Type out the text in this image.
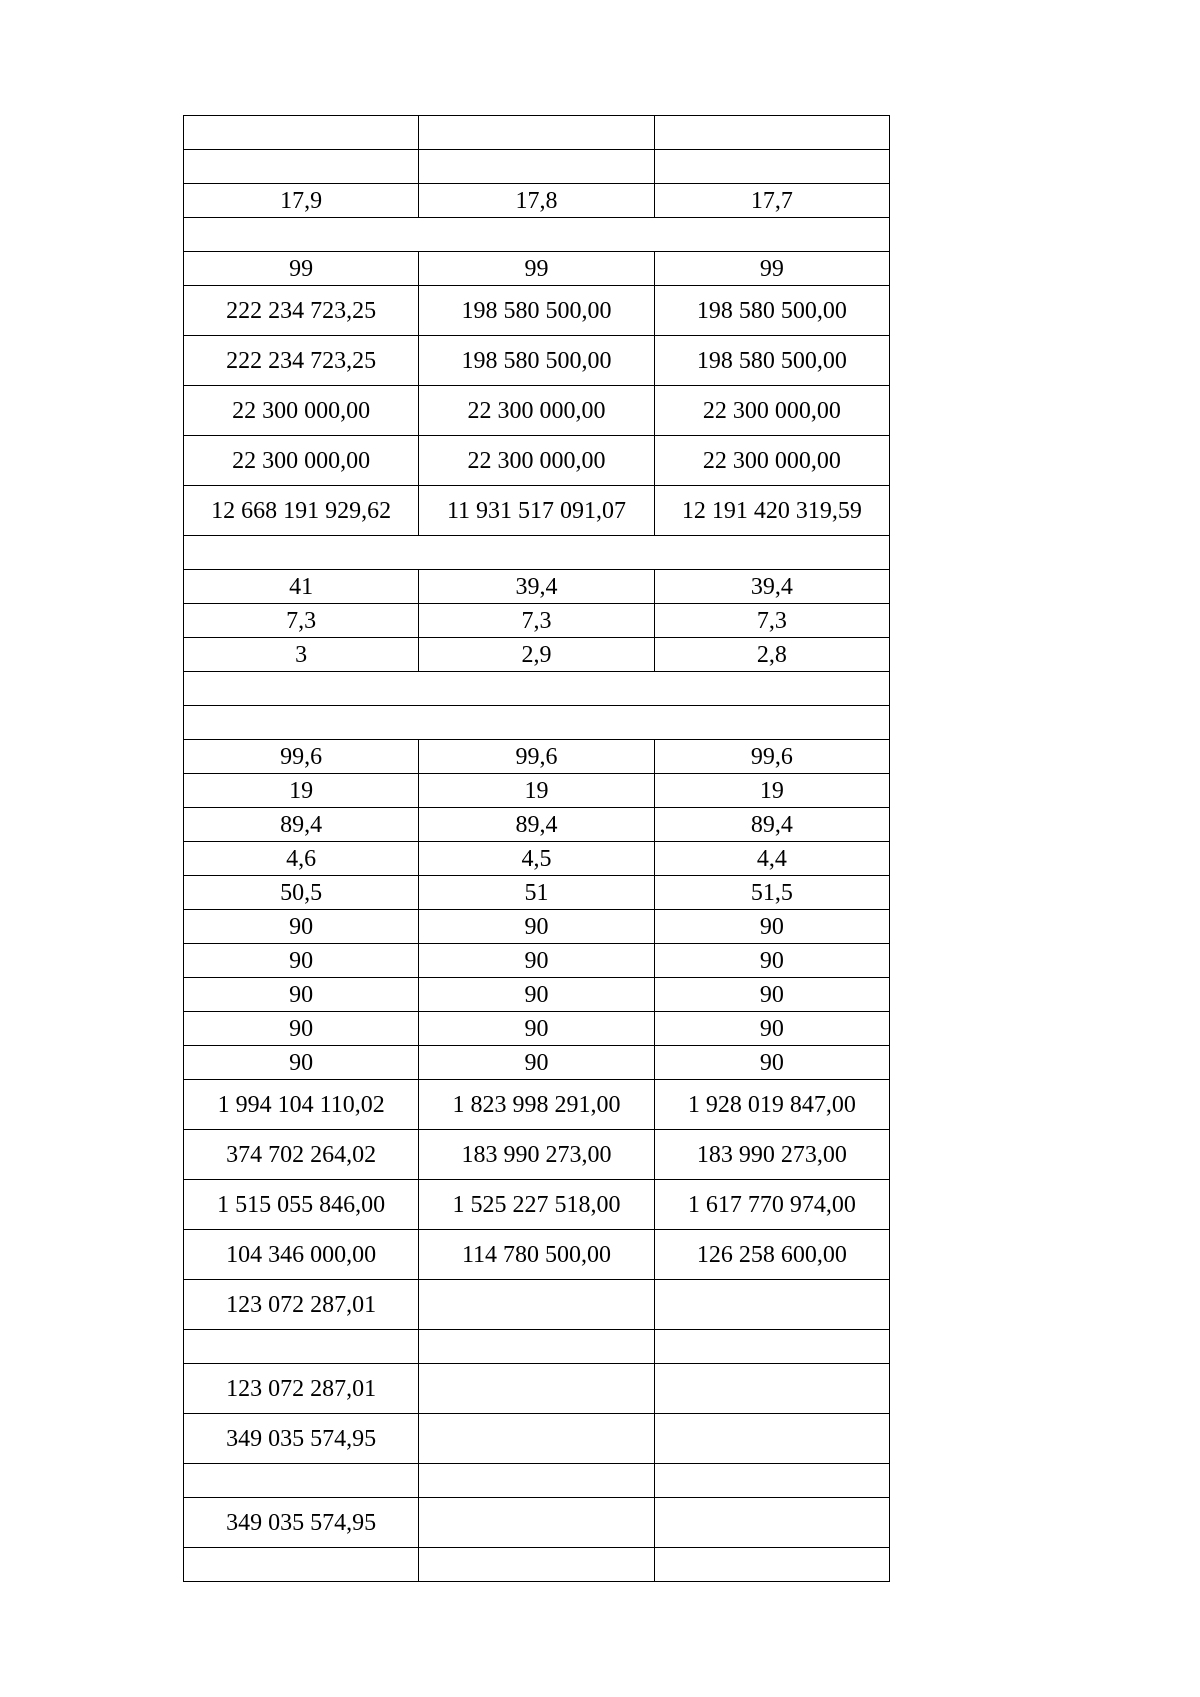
17,9	17,8	17,7

99	99	99
222 234 723,25	198 580 500,00	198 580 500,00
222 234 723,25	198 580 500,00	198 580 500,00
22 300 000,00	22 300 000,00	22 300 000,00
22 300 000,00	22 300 000,00	22 300 000,00
12 668 191 929,62	11 931 517 091,07	12 191 420 319,59

41	39,4	39,4
7,3	7,3	7,3
3	2,9	2,8

99,6	99,6	99,6
19	19	19
89,4	89,4	89,4
4,6	4,5	4,4
50,5	51	51,5
90	90	90
90	90	90
90	90	90
90	90	90
90	90	90
1 994 104 110,02	1 823 998 291,00	1 928 019 847,00
374 702 264,02	183 990 273,00	183 990 273,00
1 515 055 846,00	1 525 227 518,00	1 617 770 974,00
104 346 000,00	114 780 500,00	126 258 600,00
123 072 287,01		

123 072 287,01		
349 035 574,95		

349 035 574,95		
